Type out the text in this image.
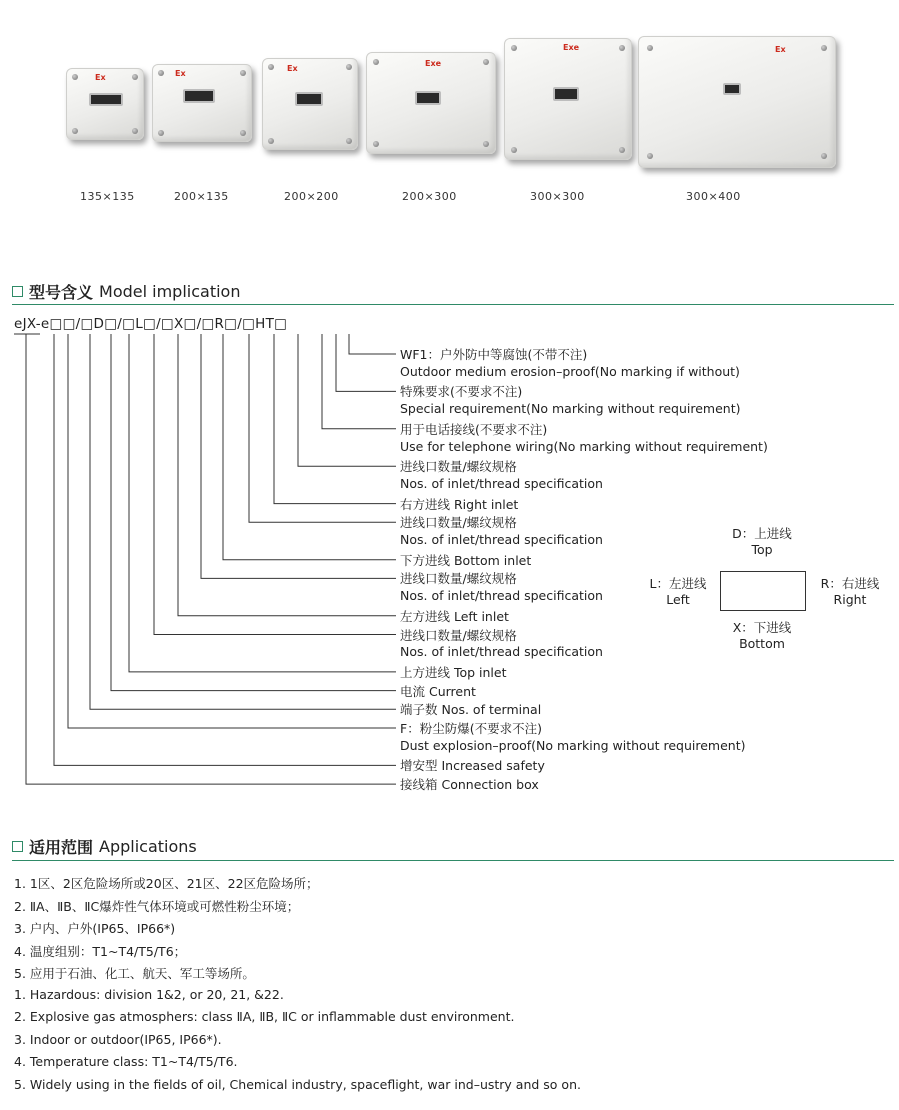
Ex	Ex
Ex
Exe
Exe	Ex
135×135	200×135	200×200	200×300	300×300	300×400
型号含义 Model implication
eJX-e□□/□D□/□L□/□X□/□R□/□HT□
WF1：户外防中等腐蚀(不带不注)
Outdoor medium erosion–proof(No marking if without)
特殊要求(不要求不注)
Special requirement(No marking without requirement)
用于电话接线(不要求不注)
Use for telephone wiring(No marking without requirement)
进线口数量/螺纹规格
Nos. of inlet/thread specification
右方进线 Right inlet
进线口数量/螺纹规格
Nos. of inlet/thread specification
下方进线 Bottom inlet
进线口数量/螺纹规格
Nos. of inlet/thread specification
左方进线 Left inlet
进线口数量/螺纹规格
Nos. of inlet/thread specification
上方进线 Top inlet
电流 Current
端子数 Nos. of terminal
F：粉尘防爆(不要求不注)
Dust explosion–proof(No marking without requirement)
增安型 Increased safety
接线箱 Connection box
D：上进线
Top
L：左进线
Left
R：右进线
Right
X：下进线
Bottom
适用范围 Applications
1. 1区、2区危险场所或20区、21区、22区危险场所；
2. ⅡA、ⅡB、ⅡC爆炸性气体环境或可燃性粉尘环境；
3. 户内、户外(IP65、IP66*)
4. 温度组别：T1~T4/T5/T6；
5. 应用于石油、化工、航天、军工等场所。
1. Hazardous: division 1&2, or 20, 21, &22.
2. Explosive gas atmosphers: class ⅡA, ⅡB, ⅡC or inflammable dust environment.
3. Indoor or outdoor(IP65, IP66*).
4. Temperature class: T1~T4/T5/T6.
5. Widely using in the fields of oil, Chemical industry, spaceflight, war ind–ustry and so on.
